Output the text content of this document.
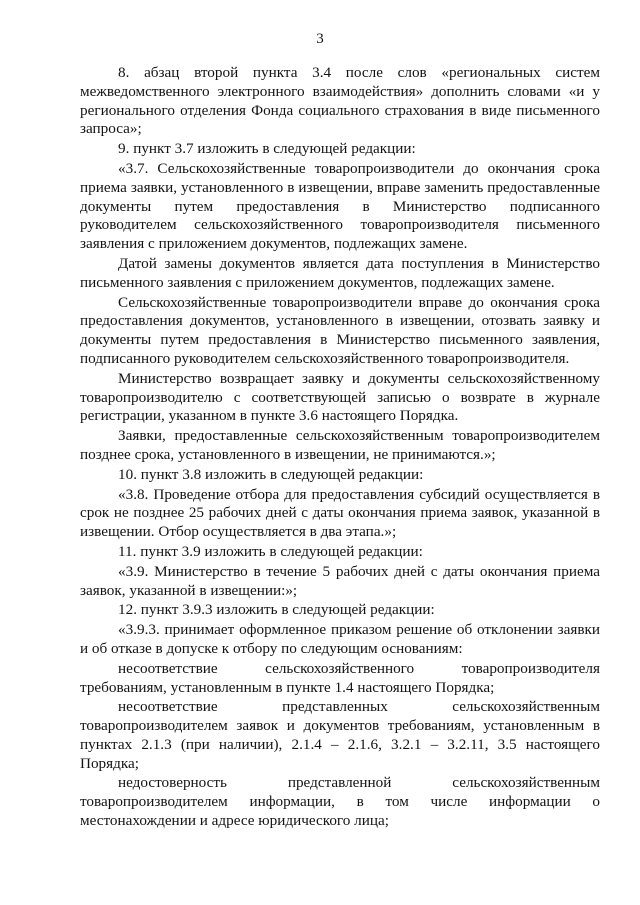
3

8. абзац второй пункта 3.4 после слов «региональных систем межведомственного электронного взаимодействия» дополнить словами «и у регионального отделения Фонда социального страхования в виде письменного запроса»;

9. пункт 3.7 изложить в следующей редакции:

«3.7. Сельскохозяйственные товаропроизводители до окончания срока приема заявки, установленного в извещении, вправе заменить предоставленные документы путем предоставления в Министерство подписанного руководителем сельскохозяйственного товаропроизводителя письменного заявления с приложением документов, подлежащих замене.

Датой замены документов является дата поступления в Министерство письменного заявления с приложением документов, подлежащих замене.

Сельскохозяйственные товаропроизводители вправе до окончания срока предоставления документов, установленного в извещении, отозвать заявку и документы путем предоставления в Министерство письменного заявления, подписанного руководителем сельскохозяйственного товаропроизводителя.

Министерство возвращает заявку и документы сельскохозяйственному товаропроизводителю с соответствующей записью о возврате в журнале регистрации, указанном в пункте 3.6 настоящего Порядка.

Заявки, предоставленные сельскохозяйственным товаропроизводителем позднее срока, установленного в извещении, не принимаются.»;

10. пункт 3.8 изложить в следующей редакции:

«3.8. Проведение отбора для предоставления субсидий осуществляется в срок не позднее 25 рабочих дней с даты окончания приема заявок, указанной в извещении. Отбор осуществляется в два этапа.»;

11. пункт 3.9 изложить в следующей редакции:

«3.9. Министерство в течение 5 рабочих дней с даты окончания приема заявок, указанной в извещении:»;

12. пункт 3.9.3 изложить в следующей редакции:

«3.9.3. принимает оформленное приказом решение об отклонении заявки и об отказе в допуске к отбору по следующим основаниям:

несоответствие сельскохозяйственного товаропроизводителя требованиям, установленным в пункте 1.4 настоящего Порядка;

несоответствие представленных сельскохозяйственным товаропроизводителем заявок и документов требованиям, установленным в пунктах 2.1.3 (при наличии), 2.1.4 – 2.1.6, 3.2.1 – 3.2.11, 3.5 настоящего Порядка;

недостоверность представленной сельскохозяйственным товаропроизводителем информации, в том числе информации о местонахождении и адресе юридического лица;
